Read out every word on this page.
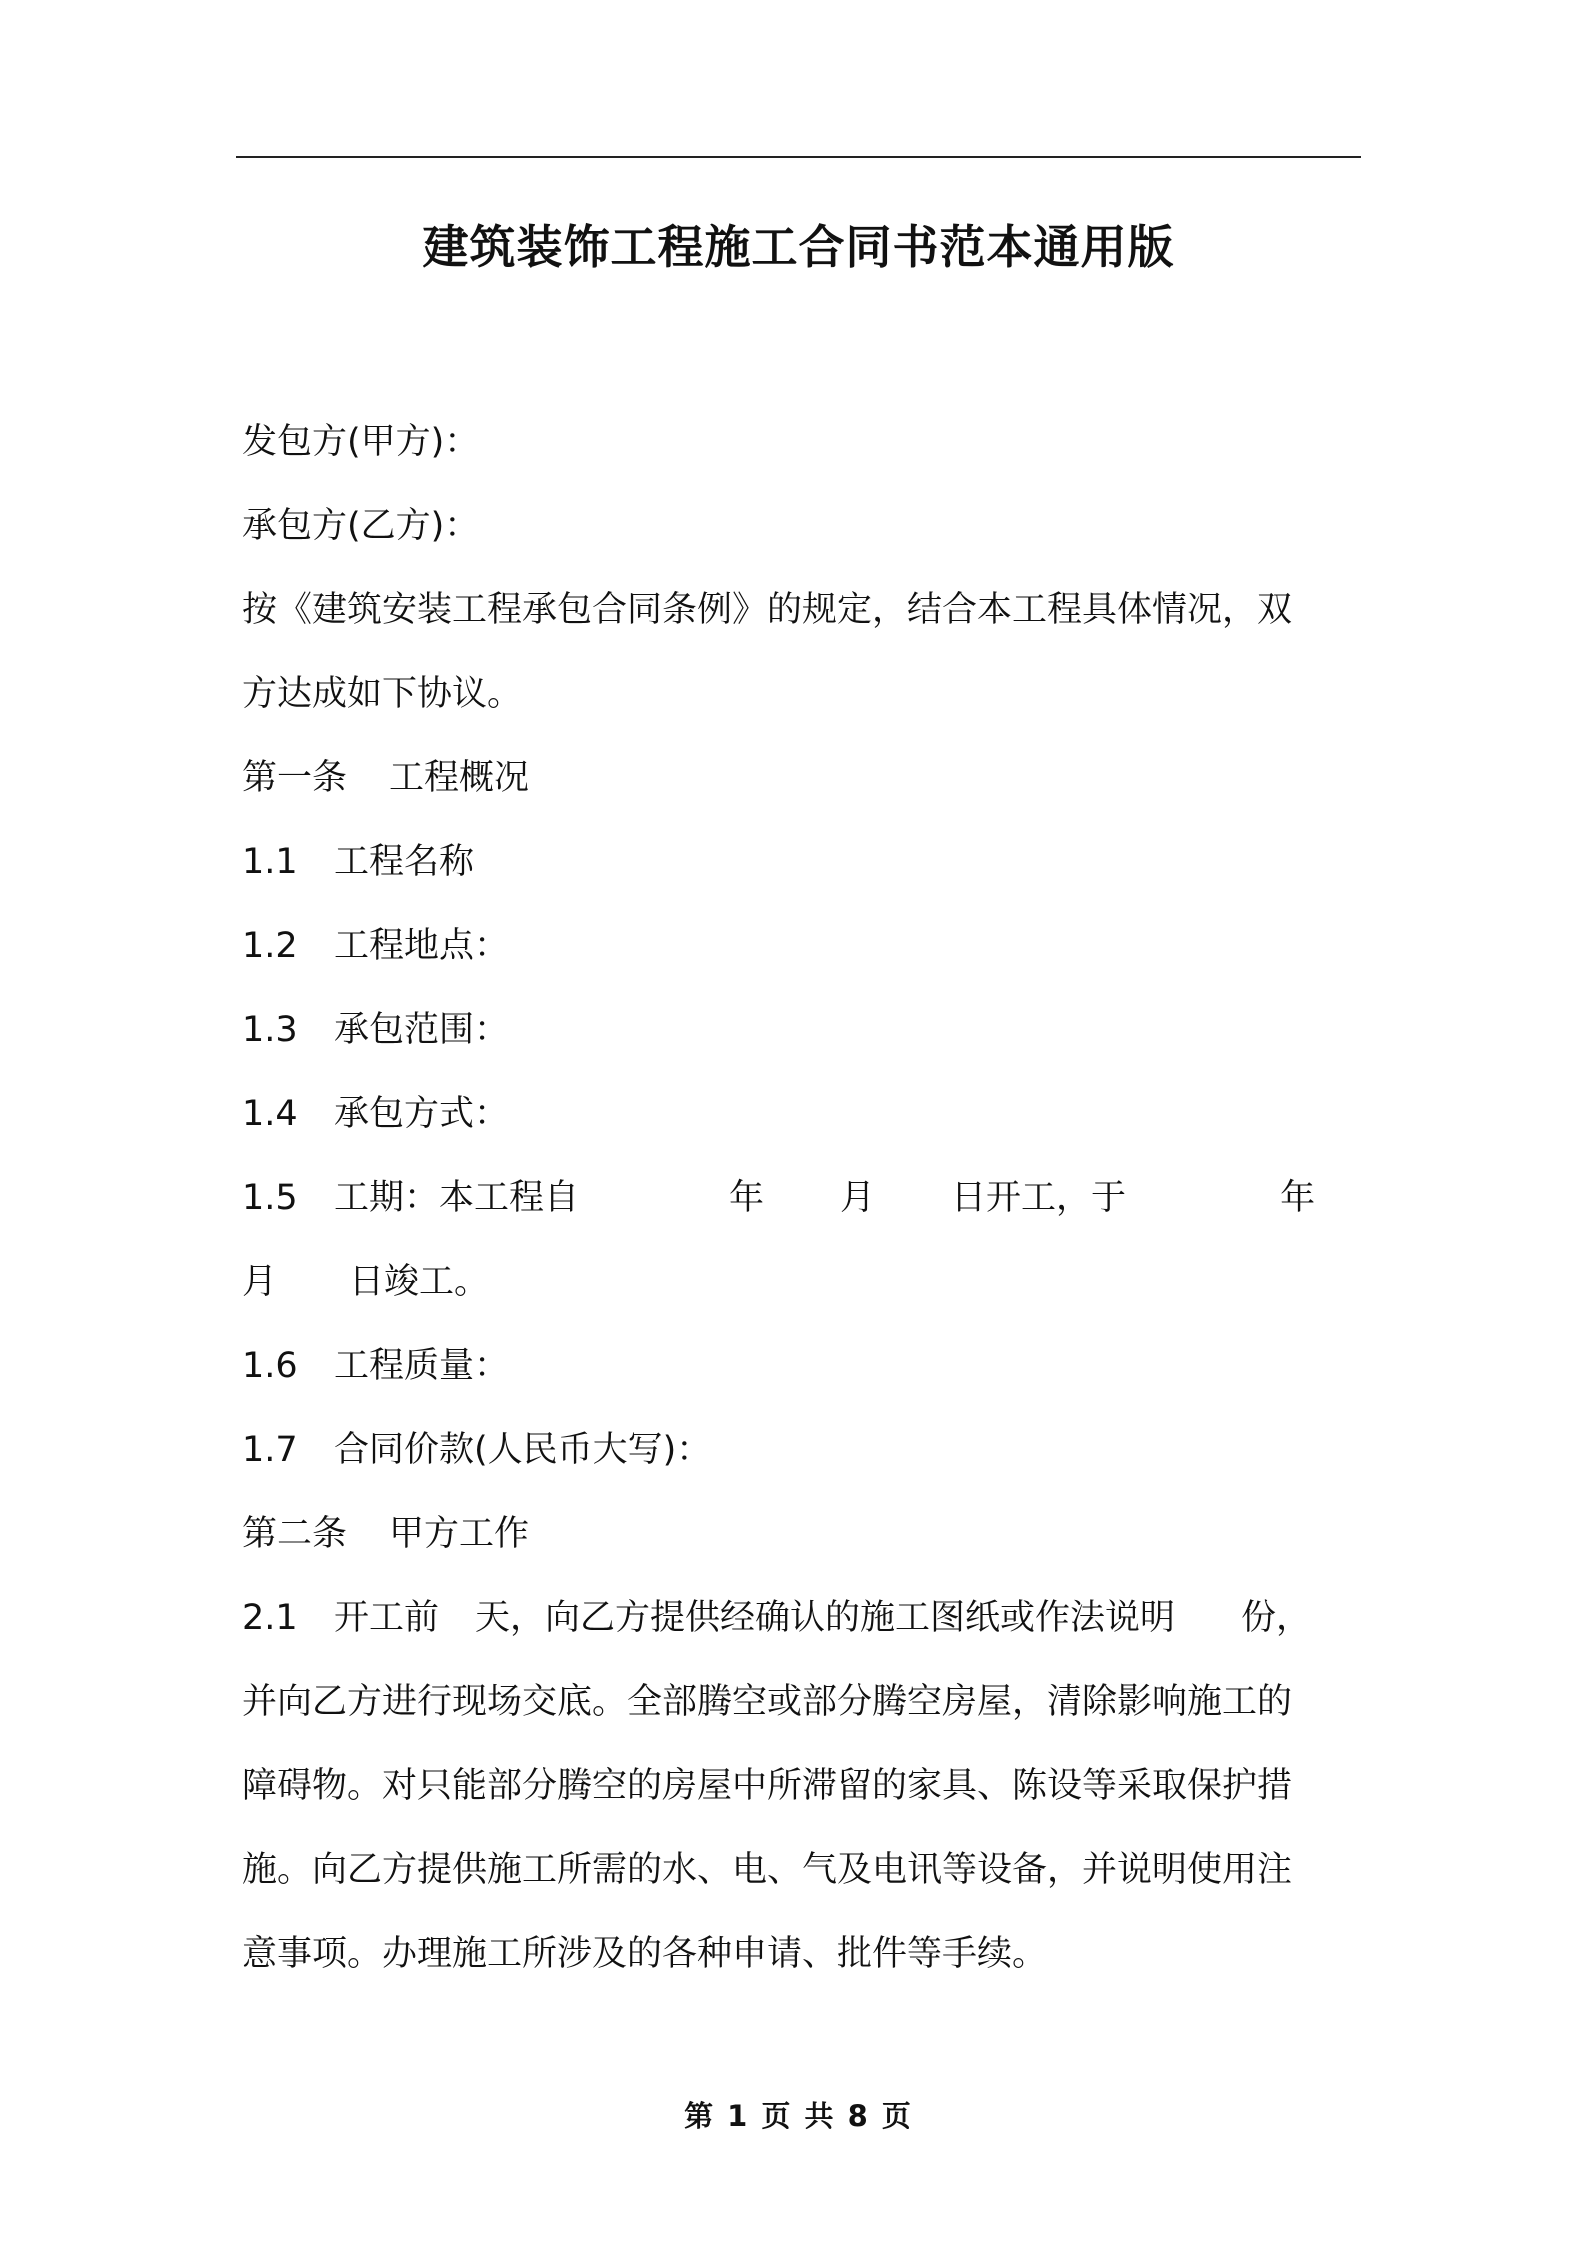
建筑装饰工程施工合同书范本通用版
发包方(甲方)：
承包方(乙方)：
按《建筑安装工程承包合同条例》的规定，结合本工程具体情况，双
方达成如下协议。
第一条 工程概况
1.1 工程名称
1.2 工程地点：
1.3 承包范围：
1.4 承包方式：
1.5 工期：本工程自	年 月 日开工，于	年
月 日竣工。
1.6 工程质量：
1.7 合同价款(人民币大写)：
第二条 甲方工作
2.1 开工前 天，向乙方提供经确认的施工图纸或作法说明 份，
并向乙方进行现场交底。全部腾空或部分腾空房屋，清除影响施工的
障碍物。对只能部分腾空的房屋中所滞留的家具、陈设等采取保护措
施。向乙方提供施工所需的水、电、气及电讯等设备，并说明使用注
意事项。办理施工所涉及的各种申请、批件等手续。
第 1 页 共 8 页
